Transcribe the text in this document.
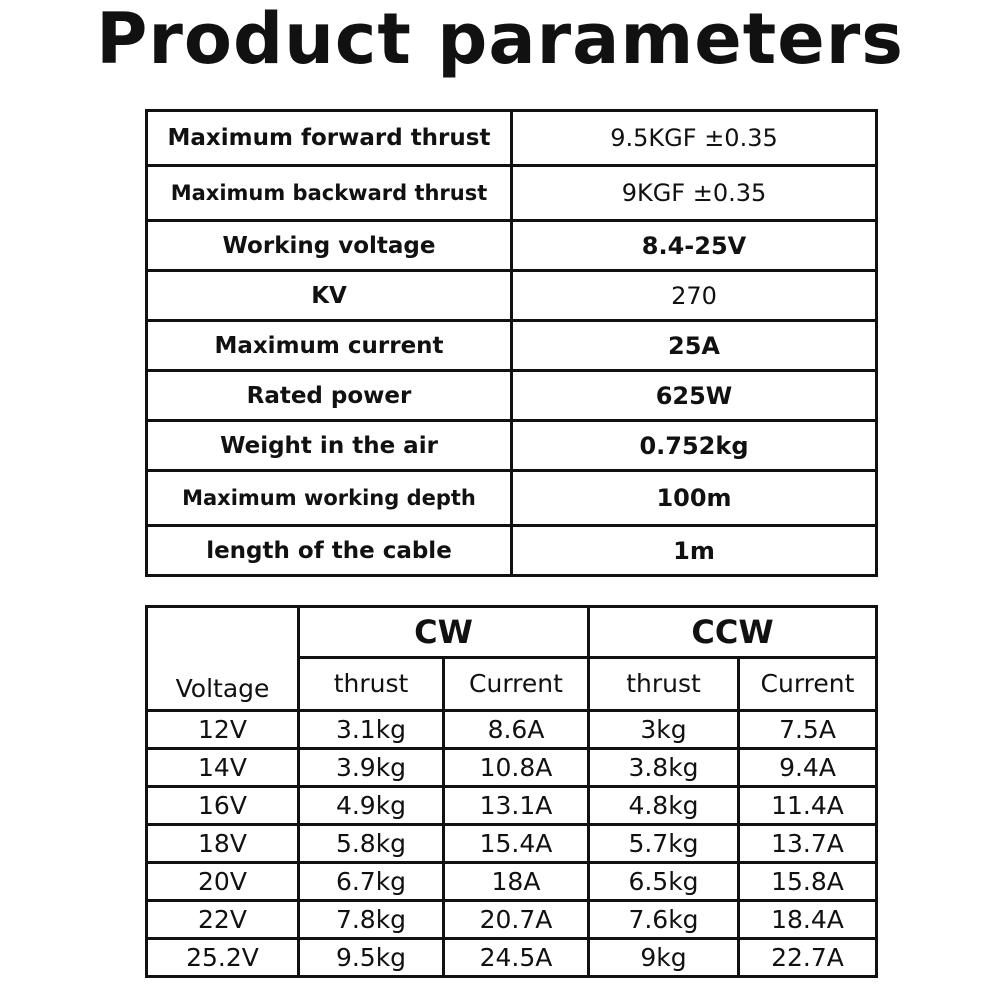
Product parameters
Maximum forward thrust	9.5KGF ±0.35
Maximum backward thrust	9KGF ±0.35
Working voltage	8.4-25V
KV	270
Maximum current	25A
Rated power	625W
Weight in the air	0.752kg
Maximum working depth	100m
length of the cable	1m
	CW		CCW	
Voltage	thrust	Current	thrust	Current
12V	3.1kg	8.6A	3kg	7.5A
14V	3.9kg	10.8A	3.8kg	9.4A
16V	4.9kg	13.1A	4.8kg	11.4A
18V	5.8kg	15.4A	5.7kg	13.7A
20V	6.7kg	18A	6.5kg	15.8A
22V	7.8kg	20.7A	7.6kg	18.4A
25.2V	9.5kg	24.5A	9kg	22.7A
